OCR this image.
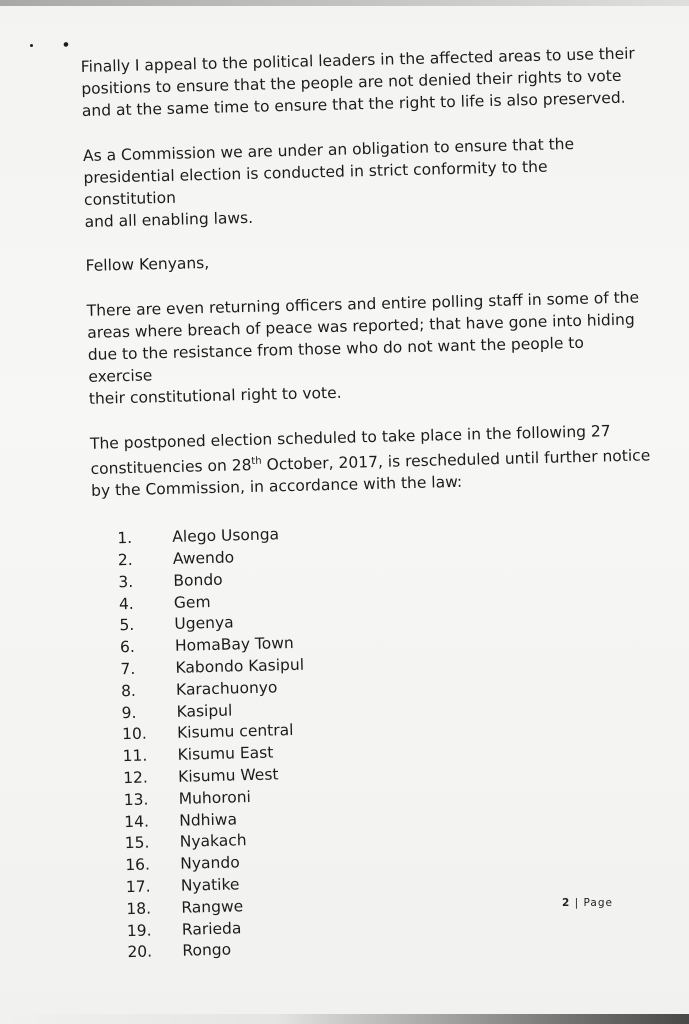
• Finally I appeal to the political leaders in the affected areas to use their
positions to ensure that the people are not denied their rights to vote
and at the same time to ensure that the right to life is also preserved.

As a Commission we are under an obligation to ensure that the
presidential election is conducted in strict conformity to the constitution
and all enabling laws.

Fellow Kenyans,

There are even returning officers and entire polling staff in some of the
areas where breach of peace was reported; that have gone into hiding
due to the resistance from those who do not want the people to exercise
their constitutional right to vote.

The postponed election scheduled to take place in the following 27
constituencies on 28th October, 2017, is rescheduled until further notice
by the Commission, in accordance with the law:

1.	Alego Usonga
2.	Awendo
3.	Bondo
4.	Gem
5.	Ugenya
6.	HomaBay Town
7.	Kabondo Kasipul
8.	Karachuonyo
9.	Kasipul
10.	Kisumu central
11.	Kisumu East
12.	Kisumu West
13.	Muhoroni
14.	Ndhiwa
15.	Nyakach
16.	Nyando
17.	Nyatike
18.	Rangwe
19.	Rarieda
20.	Rongo
2 | Page
